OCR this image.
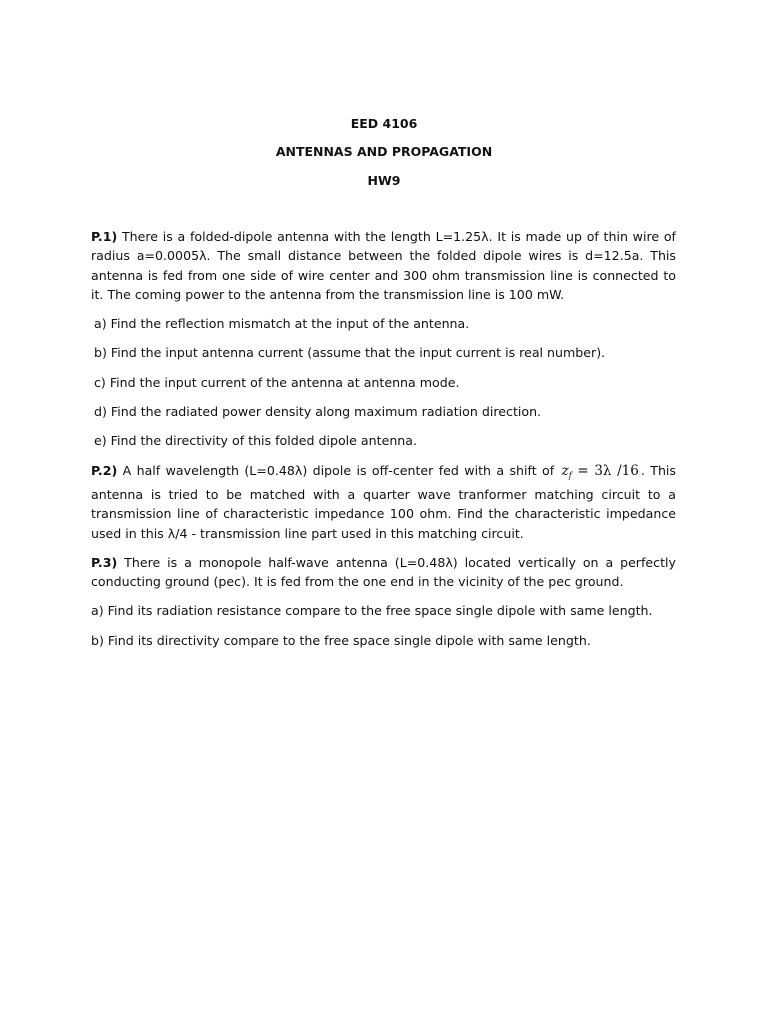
EED 4106
ANTENNAS AND PROPAGATION
HW9

P.1) There is a folded-dipole antenna with the length L=1.25λ. It is made up of thin wire of radius a=0.0005λ. The small distance between the folded dipole wires is d=12.5a. This antenna is fed from one side of wire center and 300 ohm transmission line is connected to it. The coming power to the antenna from the transmission line is 100 mW.

a) Find the reflection mismatch at the input of the antenna.

b) Find the input antenna current (assume that the input current is real number).

c) Find the input current of the antenna at antenna mode.

d) Find the radiated power density along maximum radiation direction.

e) Find the directivity of this folded dipole antenna.

P.2) A half wavelength (L=0.48λ) dipole is off-center fed with a shift of $z_f = 3\lambda$ /16 . This antenna is tried to be matched with a quarter wave tranformer matching circuit to a transmission line of characteristic impedance 100 ohm. Find the characteristic impedance used in this λ/4 - transmission line part used in this matching circuit.

P.3) There is a monopole half-wave antenna (L=0.48λ) located vertically on a perfectly conducting ground (pec). It is fed from the one end in the vicinity of the pec ground.

a) Find its radiation resistance compare to the free space single dipole with same length.

b) Find its directivity compare to the free space single dipole with same length.
